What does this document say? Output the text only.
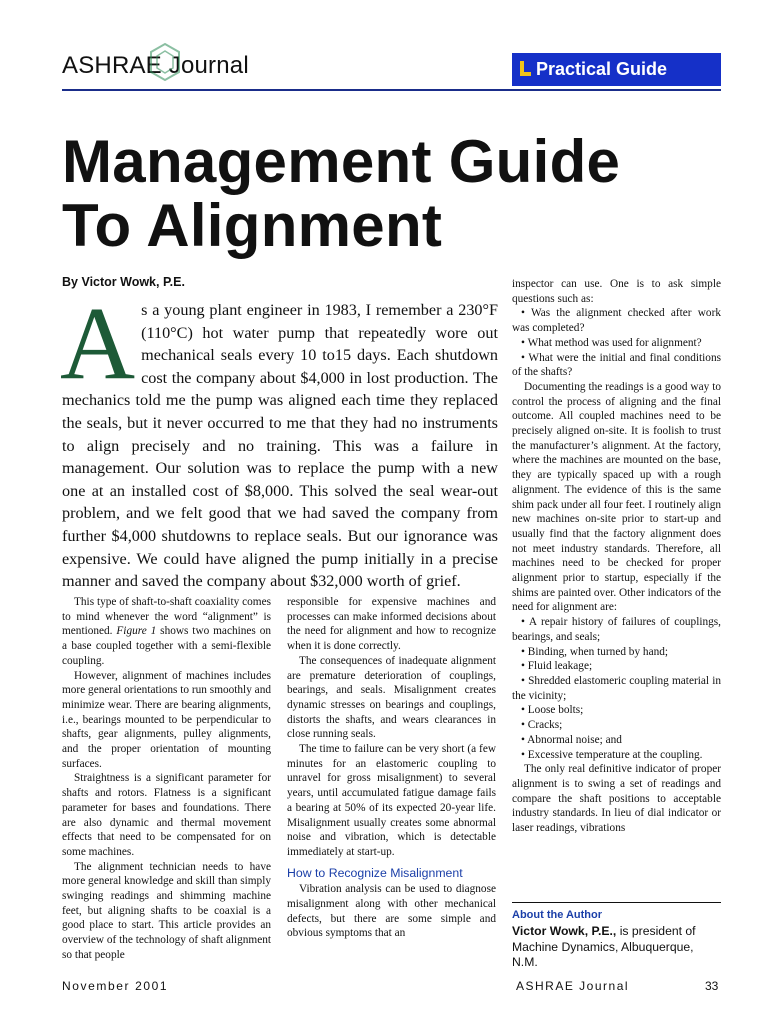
ASHRAE Journal	Practical Guide
Management Guide
To Alignment
By Victor Wowk, P.E.

A s a young plant engineer in 1983, I remember a 230°F (110°C) hot water pump that repeatedly wore out mechanical seals every 10 to15 days. Each shutdown cost the company about $4,000 in lost production. The mechanics told me the pump was aligned each time they replaced the seals, but it never occurred to me that they had no instruments to align precisely and no training. This was a failure in management. Our solution was to replace the pump with a new one at an installed cost of $8,000. This solved the seal wear-out problem, and we felt good that we had saved the company from further $4,000 shutdowns to replace seals. But our ignorance was expensive. We could have aligned the pump initially in a precise manner and saved the company about $32,000 worth of grief.

This type of shaft-to-shaft coaxiality comes to mind whenever the word “alignment” is mentioned. Figure 1 shows two machines on a base coupled together with a semi-flexible coupling.

However, alignment of machines includes more general orientations to run smoothly and minimize wear. There are bearing alignments, i.e., bearings mounted to be perpendicular to shafts, gear alignments, pulley alignments, and the proper orientation of mounting surfaces.

Straightness is a significant parameter for shafts and rotors. Flatness is a significant parameter for bases and foundations. There are also dynamic and thermal movement effects that need to be compensated for on some machines.

The alignment technician needs to have more general knowledge and skill than simply swinging readings and shimming machine feet, but aligning shafts to be coaxial is a good place to start. This article provides an overview of the technology of shaft alignment so that people

responsible for expensive machines and processes can make informed decisions about the need for alignment and how to recognize when it is done correctly.

The consequences of inadequate alignment are premature deterioration of couplings, bearings, and seals. Misalignment creates dynamic stresses on bearings and couplings, distorts the shafts, and wears clearances in close running seals.

The time to failure can be very short (a few minutes for an elastomeric coupling to unravel for gross misalignment) to several years, until accumulated fatigue damage fails a bearing at 50% of its expected 20-year life. Misalignment usually creates some abnormal noise and vibration, which is detectable immediately at start-up.

How to Recognize Misalignment

Vibration analysis can be used to diagnose misalignment along with other mechanical defects, but there are some simple and obvious symptoms that an

inspector can use. One is to ask simple questions such as:

• Was the alignment checked after work was completed?

• What method was used for alignment?

• What were the initial and final conditions of the shafts?

Documenting the readings is a good way to control the process of aligning and the final outcome. All coupled machines need to be precisely aligned on-site. It is foolish to trust the manufacturer’s alignment. At the factory, where the machines are mounted on the base, they are typically spaced up with a rough alignment. The evidence of this is the same shim pack under all four feet. I routinely align new machines on-site prior to start-up and usually find that the factory alignment does not meet industry standards. Therefore, all machines need to be checked for proper alignment prior to startup, especially if the shims are painted over. Other indicators of the need for alignment are:

• A repair history of failures of couplings, bearings, and seals;

• Binding, when turned by hand;

• Fluid leakage;

• Shredded elastomeric coupling material in the vicinity;

• Loose bolts;

• Cracks;

• Abnormal noise; and

• Excessive temperature at the coupling.

The only real definitive indicator of proper alignment is to swing a set of readings and compare the shaft positions to acceptable industry standards. In lieu of dial indicator or laser readings, vibrations

About the Author
Victor Wowk, P.E., is president of Machine Dynamics, Albuquerque, N.M.
November 2001	ASHRAE Journal	33
